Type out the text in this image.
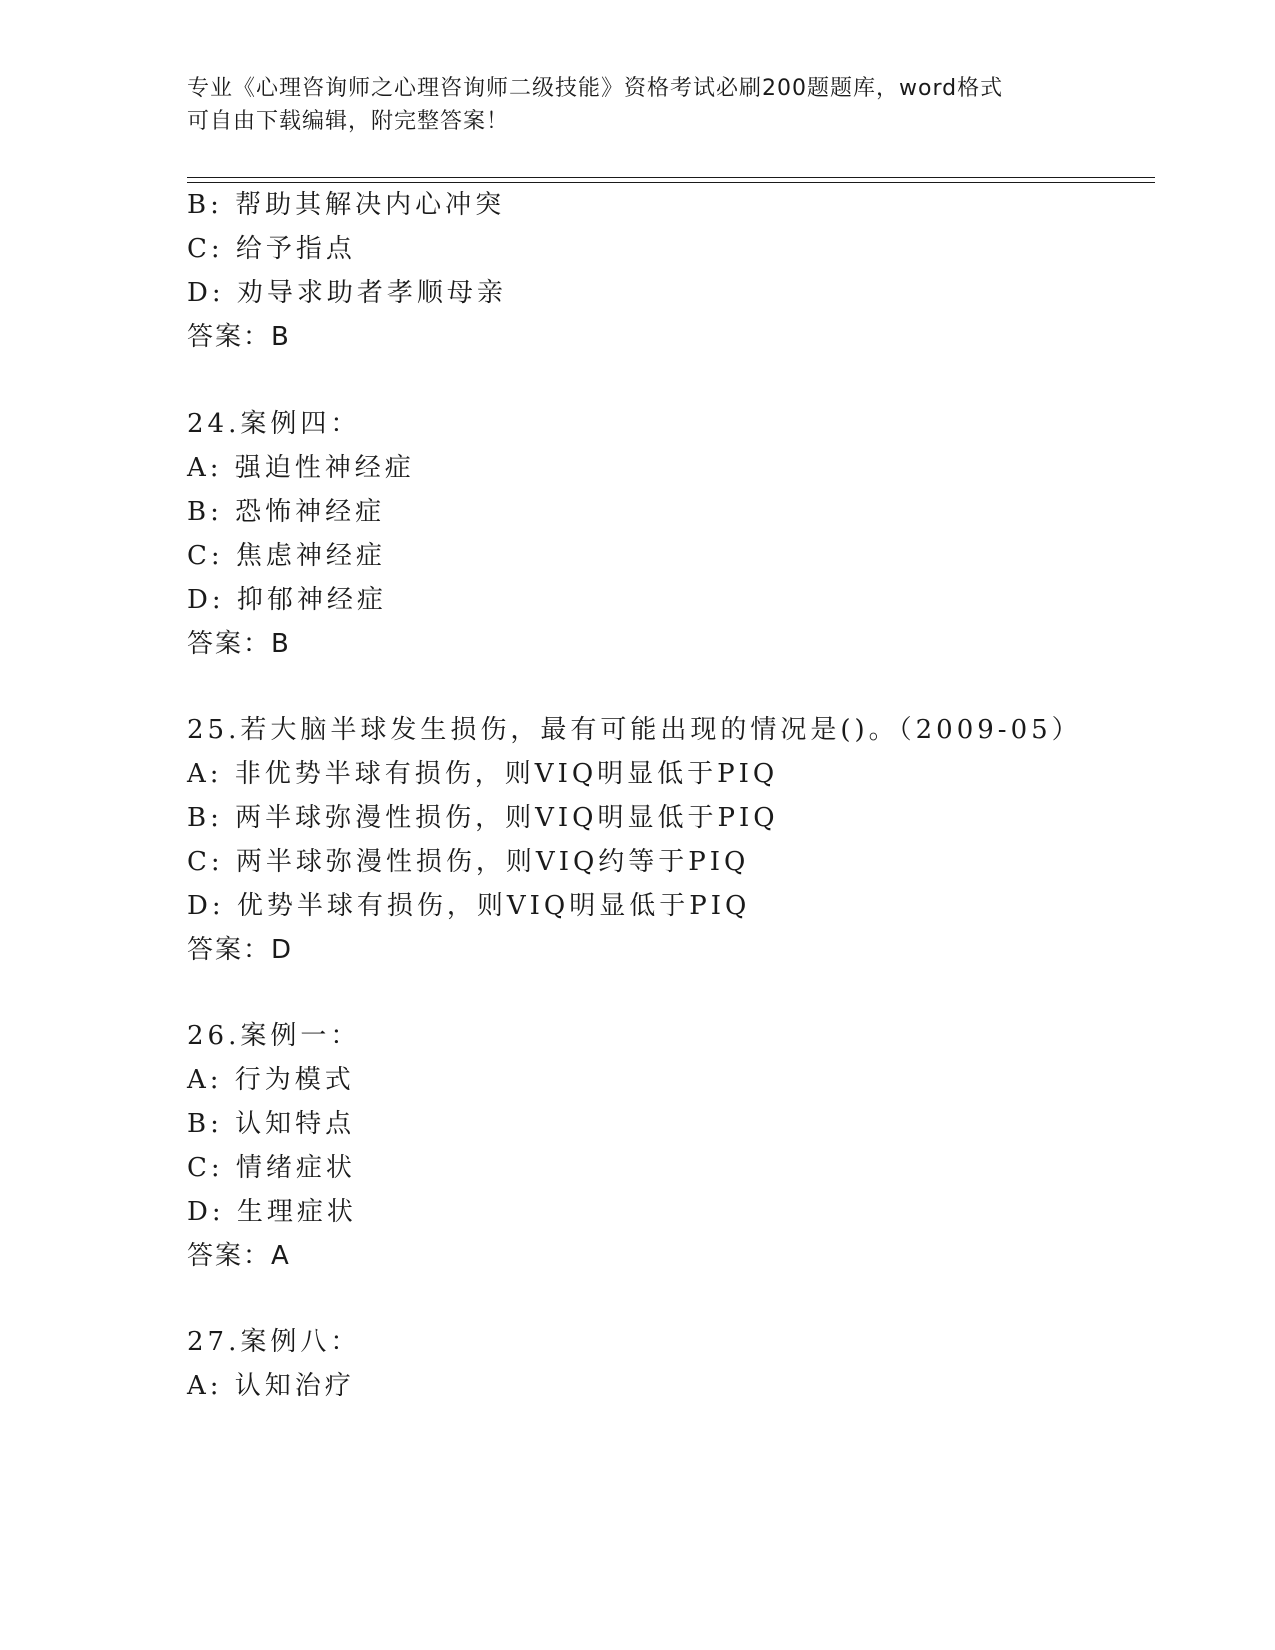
专业《心理咨询师之心理咨询师二级技能》资格考试必刷200题题库，word格式
可自由下载编辑，附完整答案！
B: 帮助其解决内心冲突
C: 给予指点
D: 劝导求助者孝顺母亲
答案：B
24.案例四：
A: 强迫性神经症
B: 恐怖神经症
C: 焦虑神经症
D: 抑郁神经症
答案：B
25.若大脑半球发生损伤，最有可能出现的情况是()。（2009-05）
A: 非优势半球有损伤，则VIQ明显低于PIQ
B: 两半球弥漫性损伤，则VIQ明显低于PIQ
C: 两半球弥漫性损伤，则VIQ约等于PIQ
D: 优势半球有损伤，则VIQ明显低于PIQ
答案：D
26.案例一：
A: 行为模式
B: 认知特点
C: 情绪症状
D: 生理症状
答案：A
27.案例八：
A: 认知治疗
